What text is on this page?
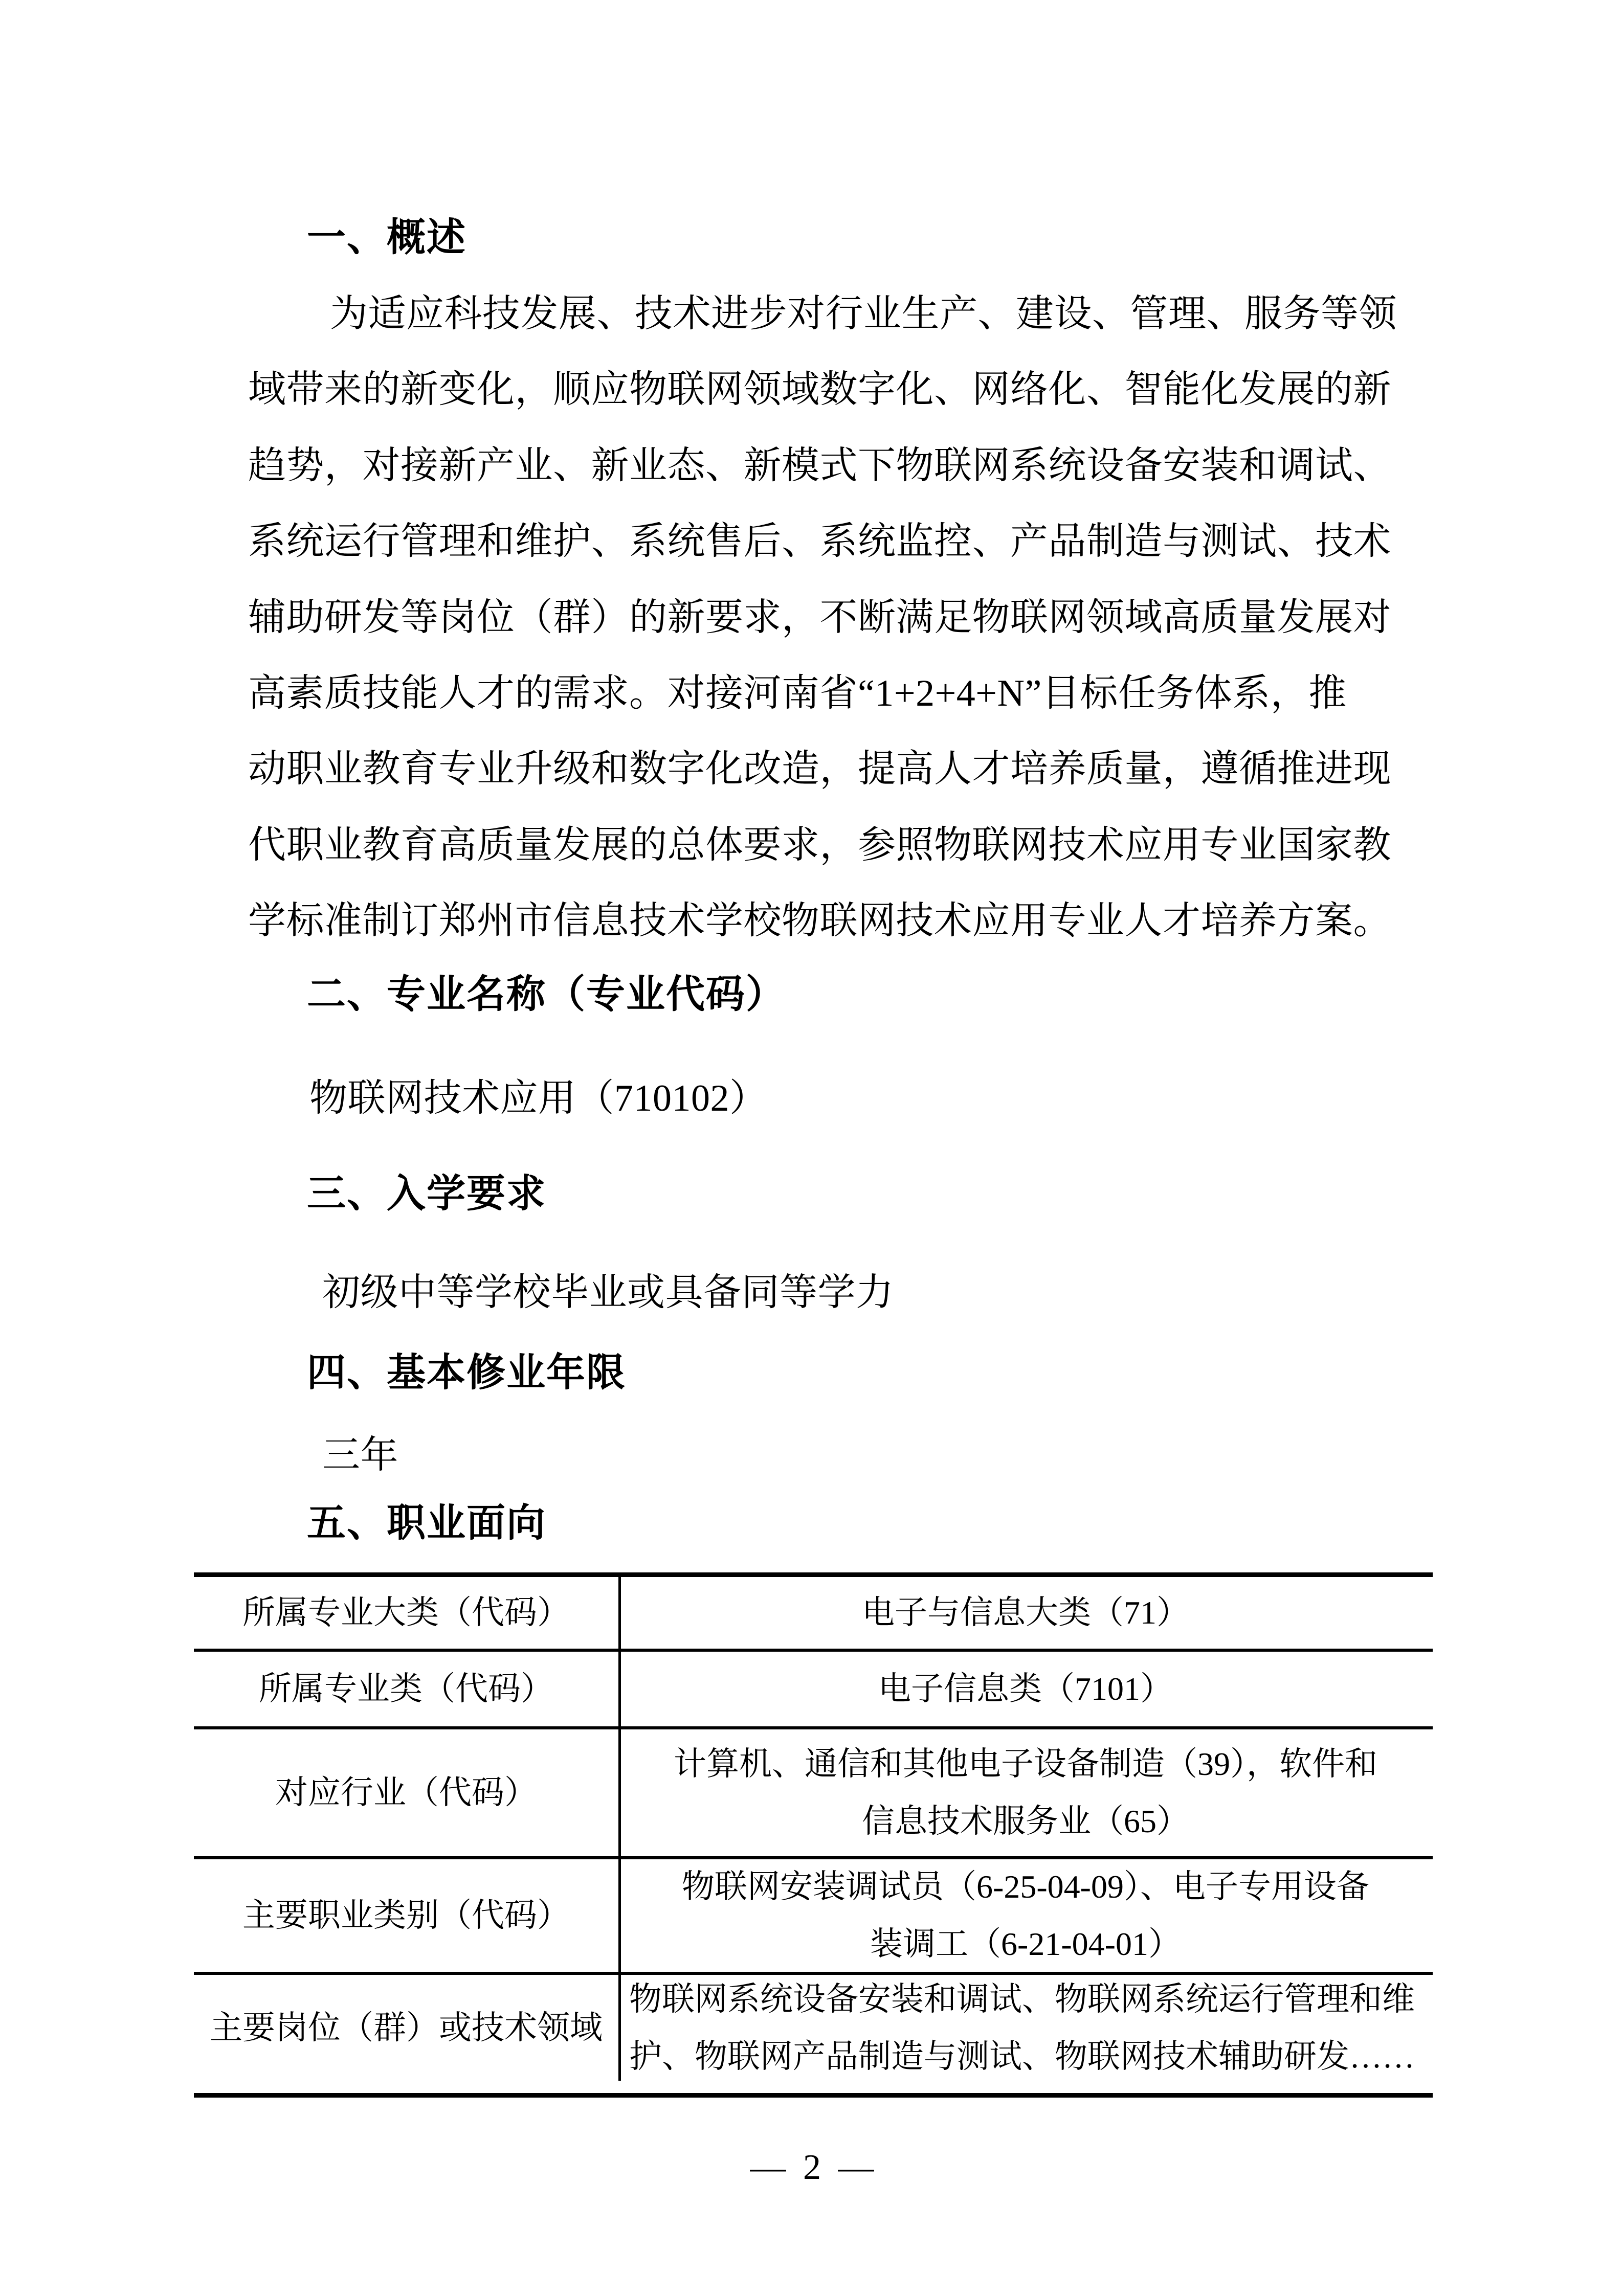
一、概述
为适应科技发展、技术进步对行业生产、建设、管理、服务等领
域带来的新变化，顺应物联网领域数字化、网络化、智能化发展的新
趋势，对接新产业、新业态、新模式下物联网系统设备安装和调试、
系统运行管理和维护、系统售后、系统监控、产品制造与测试、技术
辅助研发等岗位（群）的新要求，不断满足物联网领域高质量发展对
高素质技能人才的需求。对接河南省“1+2+4+N”目标任务体系，推
动职业教育专业升级和数字化改造，提高人才培养质量，遵循推进现
代职业教育高质量发展的总体要求，参照物联网技术应用专业国家教
学标准制订郑州市信息技术学校物联网技术应用专业人才培养方案。
二、专业名称（专业代码）
物联网技术应用（710102）
三、入学要求
初级中等学校毕业或具备同等学力
四、基本修业年限
三年
五、职业面向
所属专业大类（代码）	电子与信息大类（71）
所属专业类（代码）	电子信息类（7101）
对应行业（代码）
计算机、通信和其他电子设备制造（39），软件和
信息技术服务业（65）
主要职业类别（代码）
物联网安装调试员（6-25-04-09）、电子专用设备
装调工（6-21-04-01）
主要岗位（群）或技术领域
物联网系统设备安装和调试、物联网系统运行管理和维
护、物联网产品制造与测试、物联网技术辅助研发……
— 2 —
